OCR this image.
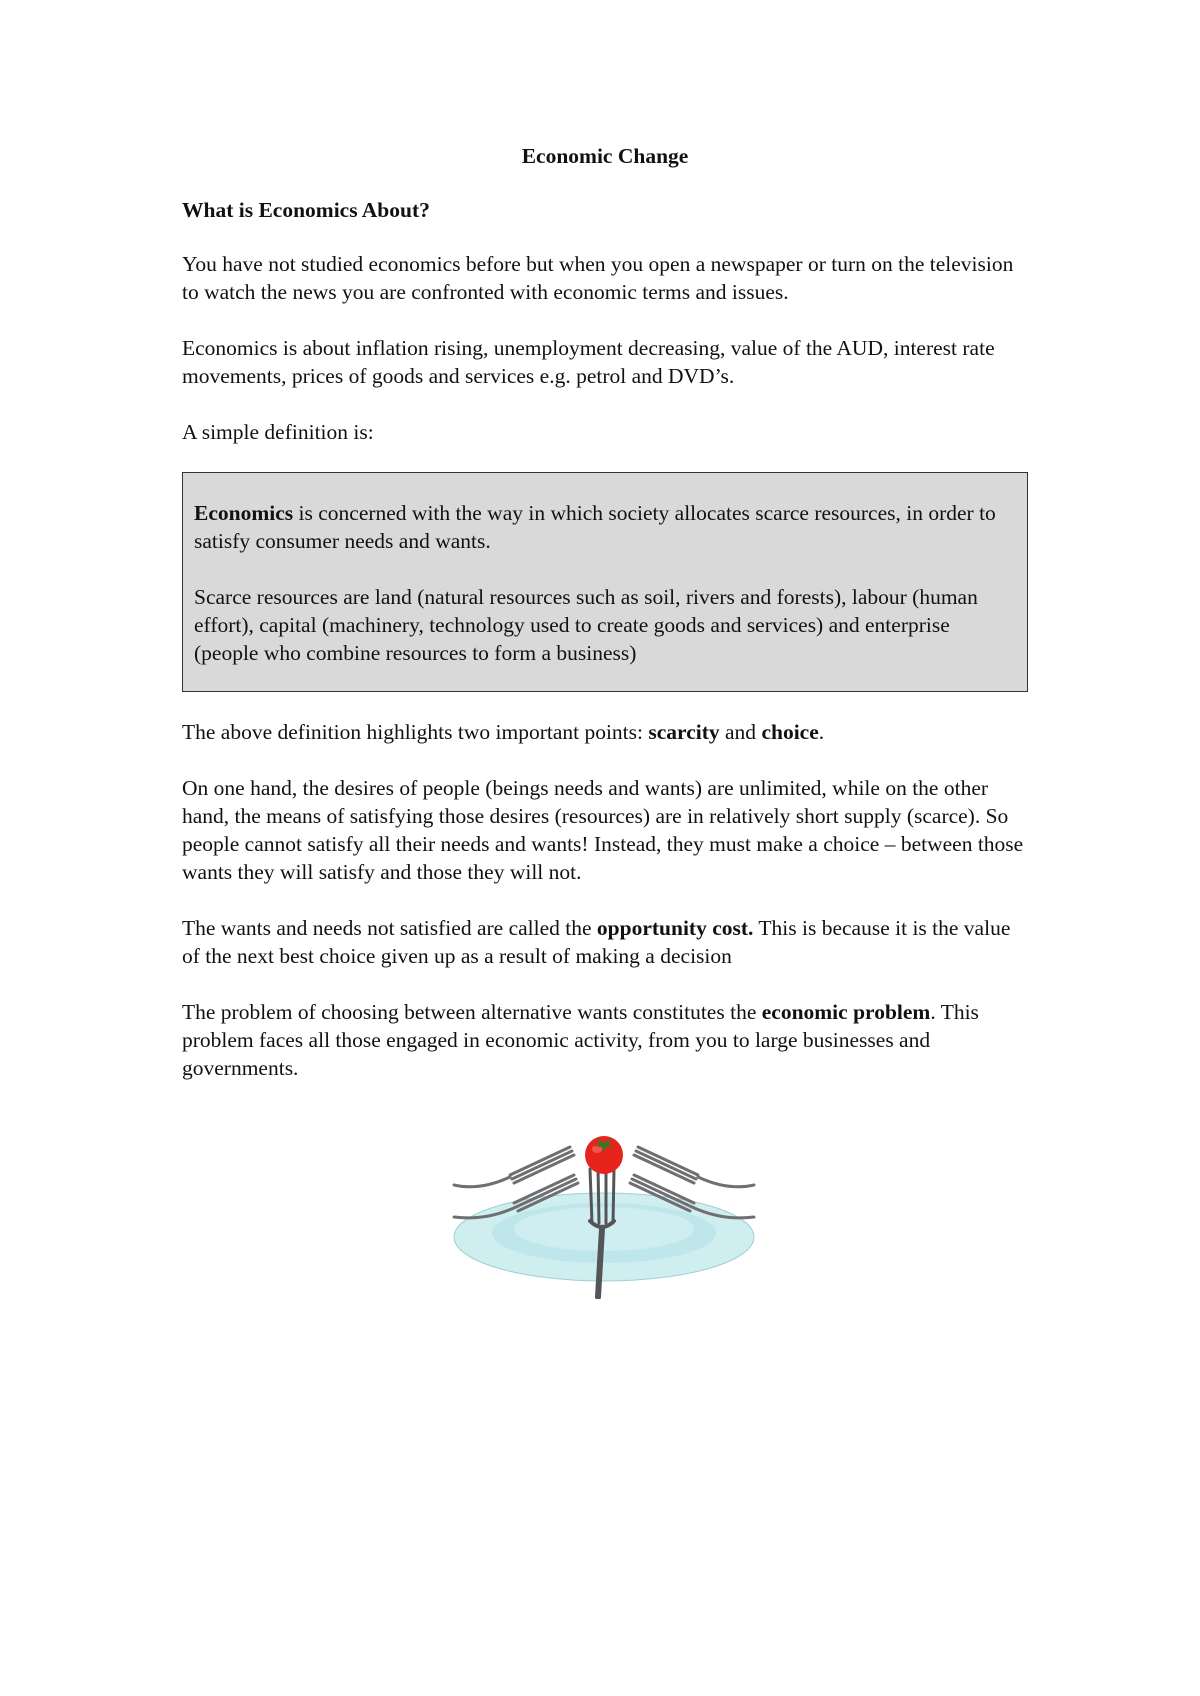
Economic Change
What is Economics About?

You have not studied economics before but when you open a newspaper or turn on the television to watch the news you are confronted with economic terms and issues.

Economics is about inflation rising, unemployment decreasing, value of the AUD, interest rate movements, prices of goods and services e.g. petrol and DVD’s.

A simple definition is:

Economics is concerned with the way in which society allocates scarce resources, in order to satisfy consumer needs and wants.

Scarce resources are land (natural resources such as soil, rivers and forests), labour (human effort), capital (machinery, technology used to create goods and services) and enterprise (people who combine resources to form a business)

The above definition highlights two important points: scarcity and choice.

On one hand, the desires of people (beings needs and wants) are unlimited, while on the other hand, the means of satisfying those desires (resources) are in relatively short supply (scarce). So people cannot satisfy all their needs and wants! Instead, they must make a choice – between those wants they will satisfy and those they will not.

The wants and needs not satisfied are called the opportunity cost. This is because it is the value of the next best choice given up as a result of making a decision

The problem of choosing between alternative wants constitutes the economic problem. This problem faces all those engaged in economic activity, from you to large businesses and governments.
